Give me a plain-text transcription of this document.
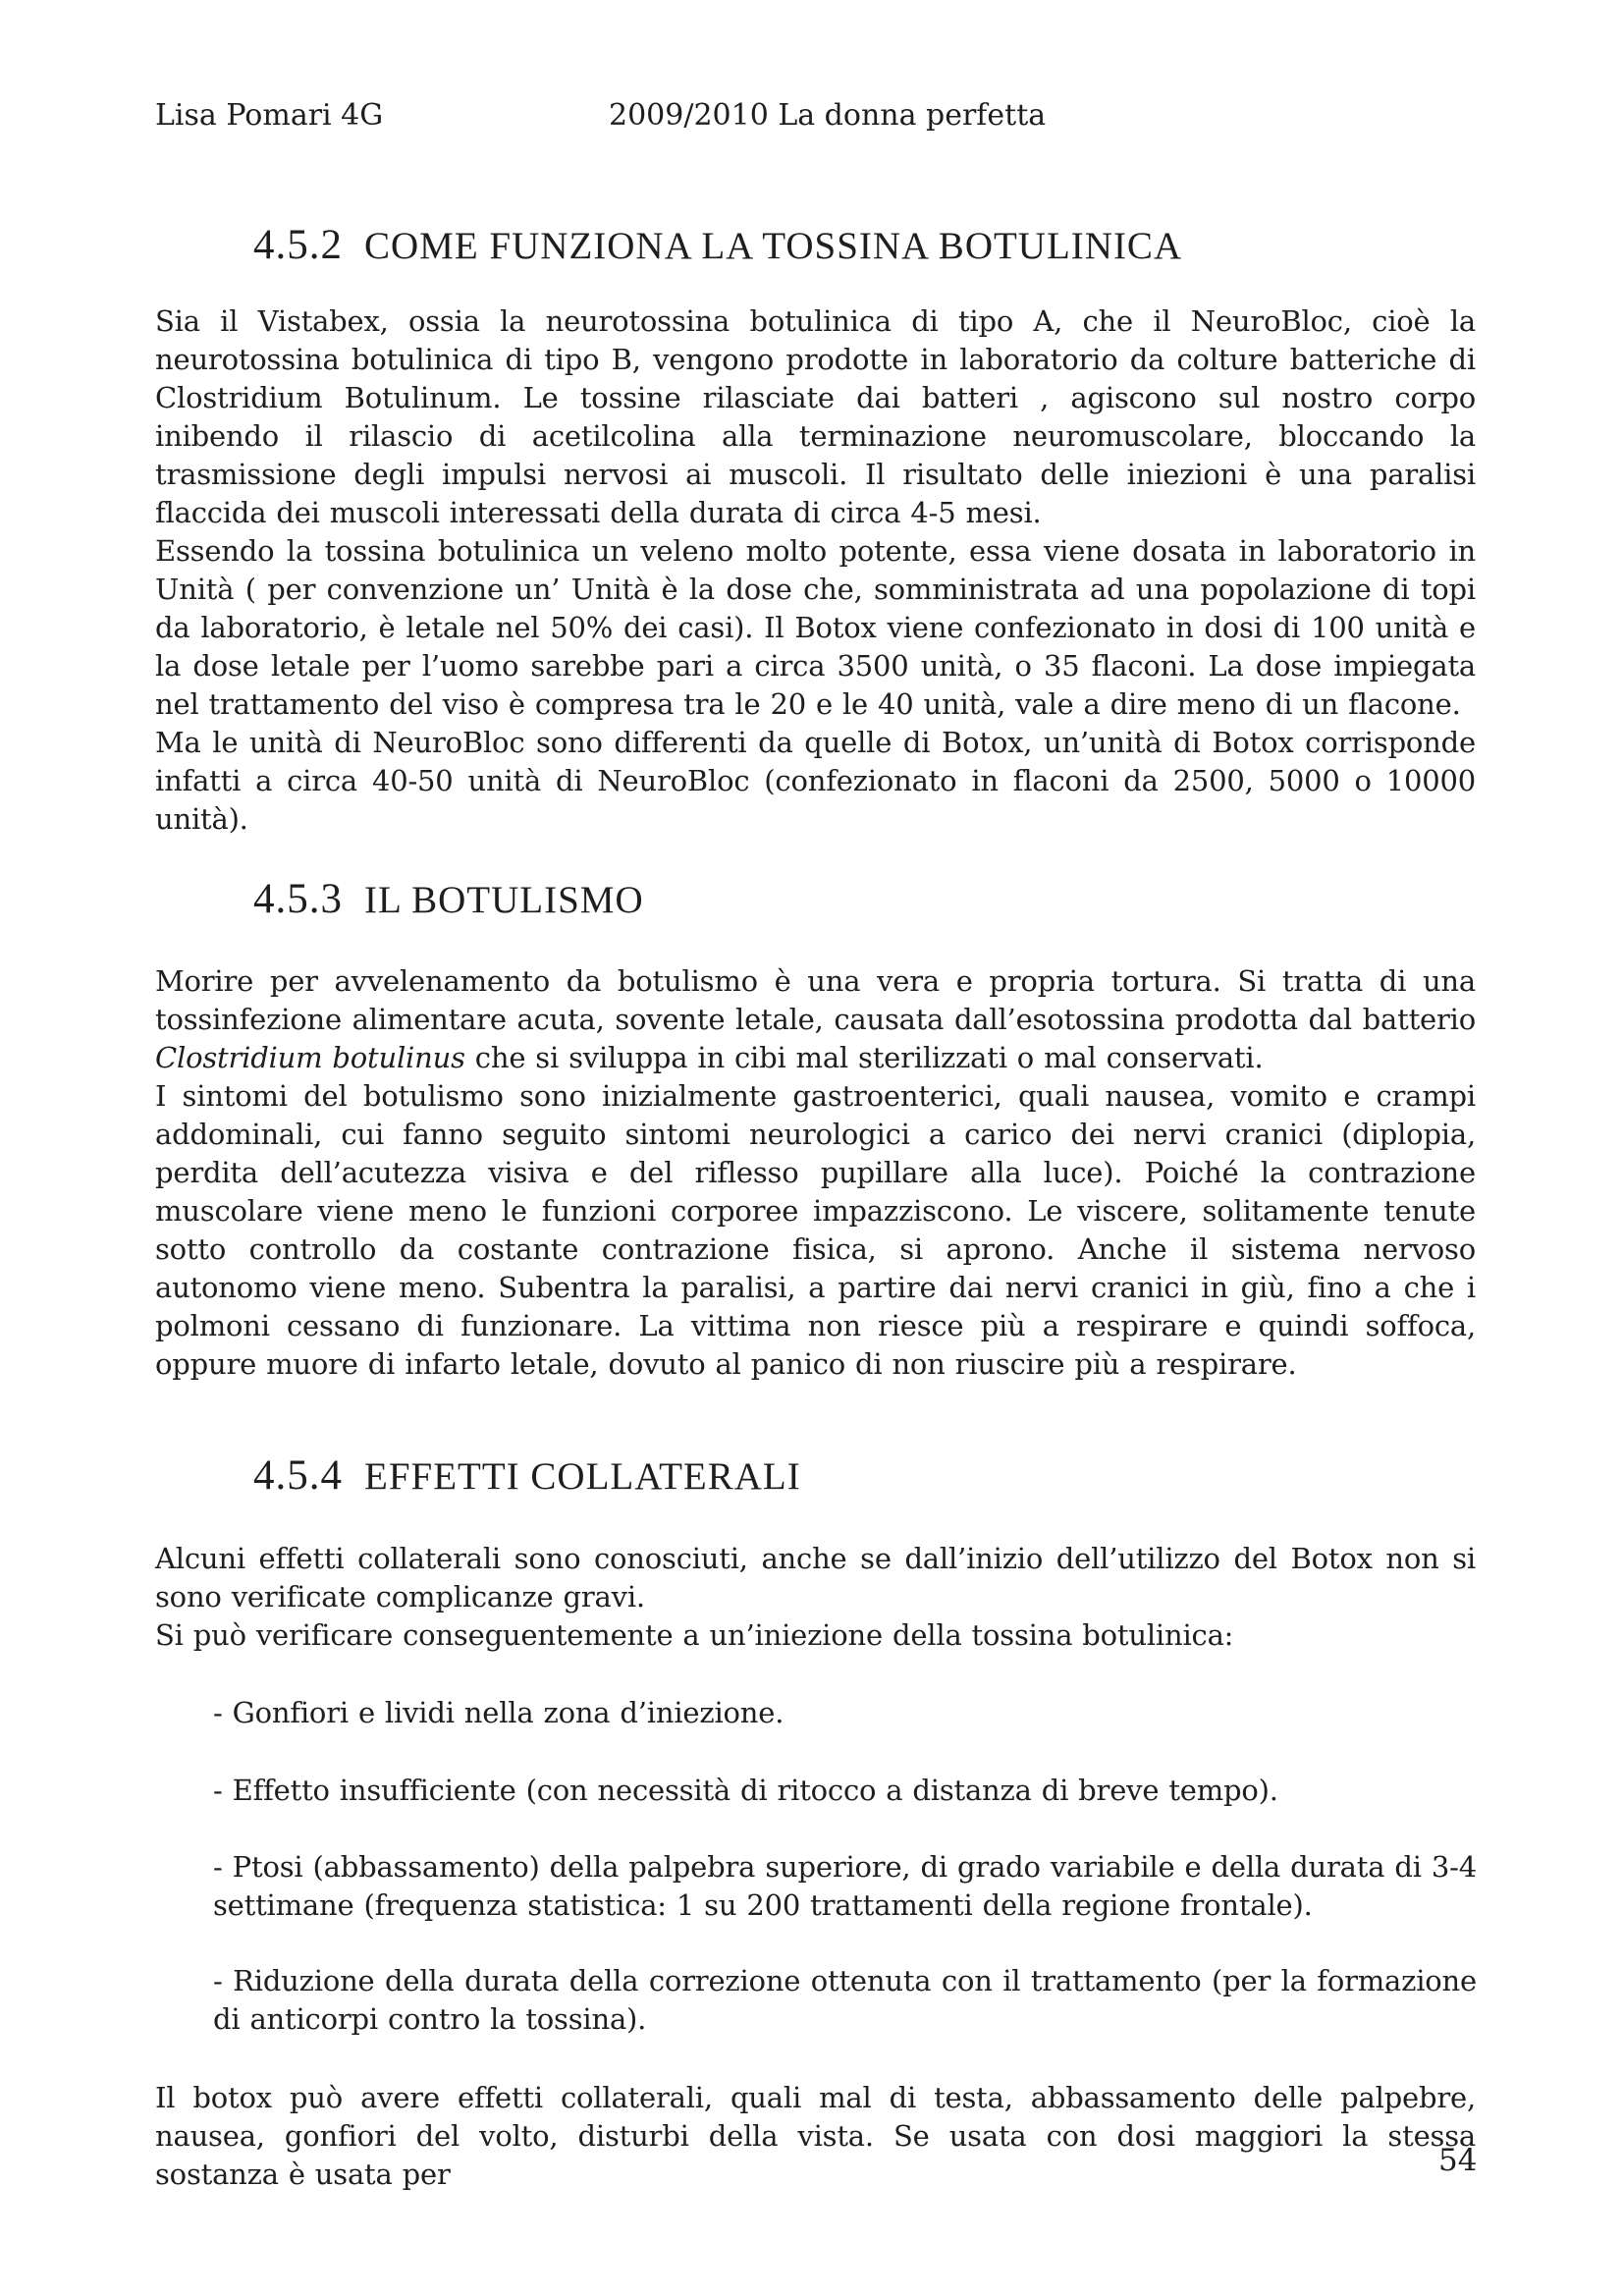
Lisa Pomari 4G	2009/2010 La donna perfetta
4.5.2 COME FUNZIONA LA TOSSINA BOTULINICA

Sia il Vistabex, ossia la neurotossina botulinica di tipo A, che il NeuroBloc, cioè la neurotossina botulinica di tipo B, vengono prodotte in laboratorio da colture batteriche di Clostridium Botulinum. Le tossine rilasciate dai batteri , agiscono sul nostro corpo inibendo il rilascio di acetilcolina alla terminazione neuromuscolare, bloccando la trasmissione degli impulsi nervosi ai muscoli. Il risultato delle iniezioni è una paralisi flaccida dei muscoli interessati della durata di circa 4-5 mesi.

Essendo la tossina botulinica un veleno molto potente, essa viene dosata in laboratorio in Unità ( per convenzione un’ Unità è la dose che, somministrata ad una popolazione di topi da laboratorio, è letale nel 50% dei casi). Il Botox viene confezionato in dosi di 100 unità e la dose letale per l’uomo sarebbe pari a circa 3500 unità, o 35 flaconi. La dose impiegata nel trattamento del viso è compresa tra le 20 e le 40 unità, vale a dire meno di un flacone.

Ma le unità di NeuroBloc sono differenti da quelle di Botox, un’unità di Botox corrisponde infatti a circa 40-50 unità di NeuroBloc (confezionato in flaconi da 2500, 5000 o 10000 unità).

4.5.3 IL BOTULISMO

Morire per avvelenamento da botulismo è una vera e propria tortura. Si tratta di una tossinfezione alimentare acuta, sovente letale, causata dall’esotossina prodotta dal batterio Clostridium botulinus che si sviluppa in cibi mal sterilizzati o mal conservati.

I sintomi del botulismo sono inizialmente gastroenterici, quali nausea, vomito e crampi addominali, cui fanno seguito sintomi neurologici a carico dei nervi cranici (diplopia, perdita dell’acutezza visiva e del riflesso pupillare alla luce). Poiché la contrazione muscolare viene meno le funzioni corporee impazziscono. Le viscere, solitamente tenute sotto controllo da costante contrazione fisica, si aprono. Anche il sistema nervoso autonomo viene meno. Subentra la paralisi, a partire dai nervi cranici in giù, fino a che i polmoni cessano di funzionare. La vittima non riesce più a respirare e quindi soffoca, oppure muore di infarto letale, dovuto al panico di non riuscire più a respirare.

4.5.4 EFFETTI COLLATERALI

Alcuni effetti collaterali sono conosciuti, anche se dall’inizio dell’utilizzo del Botox non si sono verificate complicanze gravi.

Si può verificare conseguentemente a un’iniezione della tossina botulinica:

- Gonfiori e lividi nella zona d’iniezione.

- Effetto insufficiente (con necessità di ritocco a distanza di breve tempo).

- Ptosi (abbassamento) della palpebra superiore, di grado variabile e della durata di 3-4 settimane (frequenza statistica: 1 su 200 trattamenti della regione frontale).

- Riduzione della durata della correzione ottenuta con il trattamento (per la formazione di anticorpi contro la tossina).

Il botox può avere effetti collaterali, quali mal di testa, abbassamento delle palpebre, nausea, gonfiori del volto, disturbi della vista. Se usata con dosi maggiori la stessa sostanza è usata per	54
